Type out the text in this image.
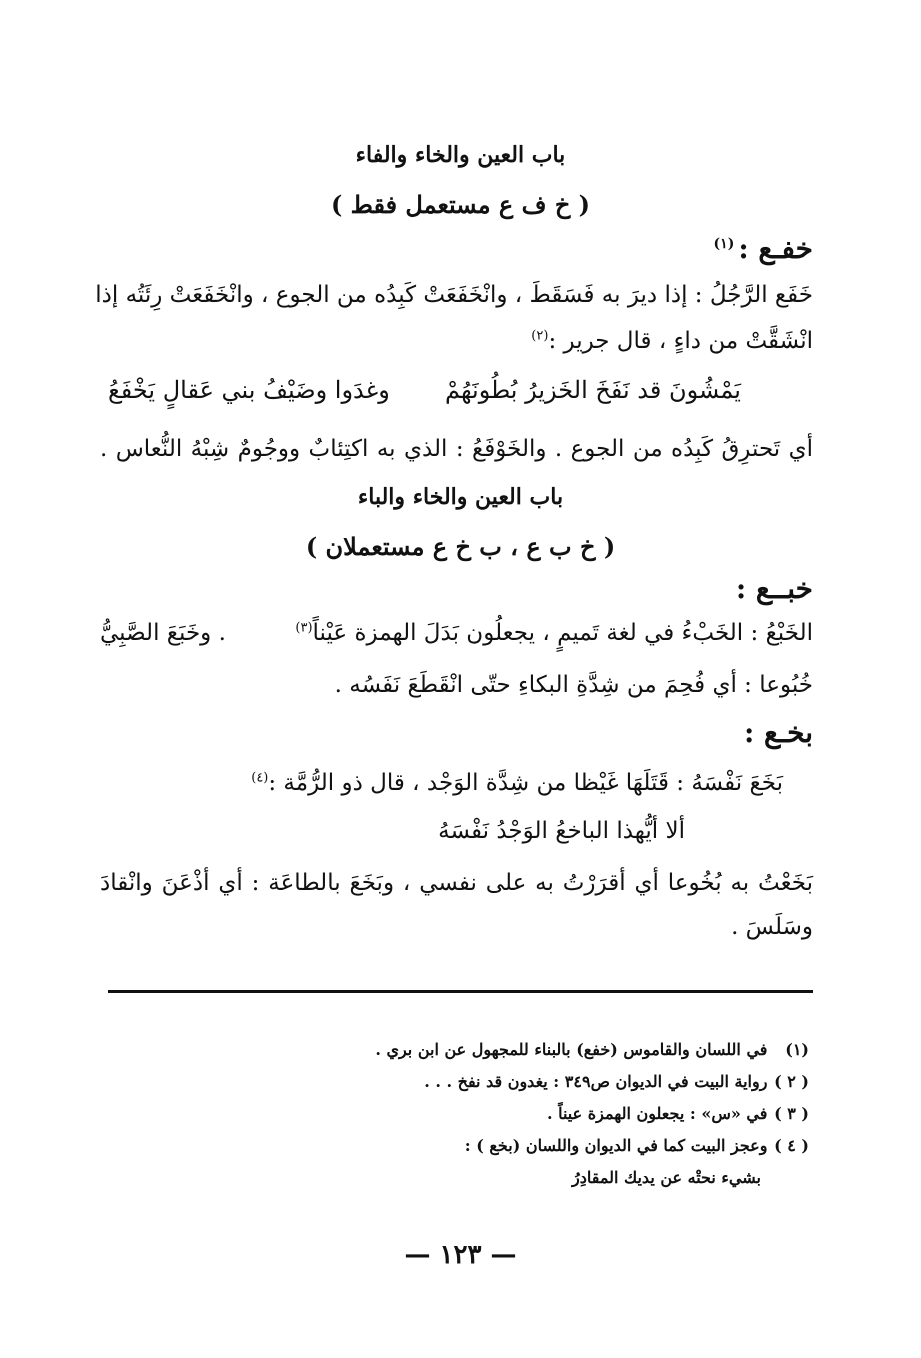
باب العين والخاء والفاء
( خ ف ع مستعمل فقط )
خفـع :$^{(١)}$
خَفَع الرَّجُلُ : إذا ديرَ به فَسَقَطَ ، وانْخَفَعَتْ كَبِدُه من الجوع ، وانْخَفَعَتْ رِئَتُه إذا
انْشَقَّتْ من داءٍ ، قال جرير :$^{(٢)}$
وغدَوا وضَيْفُ بني عَقالٍ يَخْفَعُ يَمْشُونَ قد نَفَخَ الخَزيرُ بُطُونَهُمْ
أي تَحترِقُ كَبِدُه من الجوع . والخَوْفَعُ : الذي به اكتِئابٌ ووجُومٌ شِبْهُ النُّعاس .
باب العين والخاء والباء
( خ ب ع ، ب خ ع مستعملان )
خبــع :
الخَبْعُ : الخَبْءُ في لغة تَميمٍ ، يجعلُون بَدَلَ الهمزة عَيْناً$^{(٣)}$
. وخَبَعَ الصَّبِيُّ
خُبُوعا : أي فُحِمَ من شِدَّةِ البكاءِ حتّى انْقَطَعَ نَفَسُه .
بخـع :
بَخَعَ نَفْسَهُ : قَتَلَهَا غَيْظا من شِدَّة الوَجْد ، قال ذو الرُّمَّة :$^{(٤)}$
ألا أيُّهذا الباخعُ الوَجْدُ نَفْسَهُ
بَخَعْتُ به بُخُوعا أي أقرَرْتُ به على نفسي ، وبَخَعَ بالطاعَة : أي أذْعَنَ وانْقادَ
وسَلَسَ .
(١) في اللسان والقاموس (خفع) بالبناء للمجهول عن ابن بري .
( ٢ ) رواية البيت في الديوان ص٣٤٩ : يغدون قد نفخ . . .
( ٣ ) في «س» : يجعلون الهمزة عيناً .
( ٤ ) وعجز البيت كما في الديوان واللسان (بخع ) :
بشيء نحتْه عن يديك المقادِرُ
— ١٢٣ —
